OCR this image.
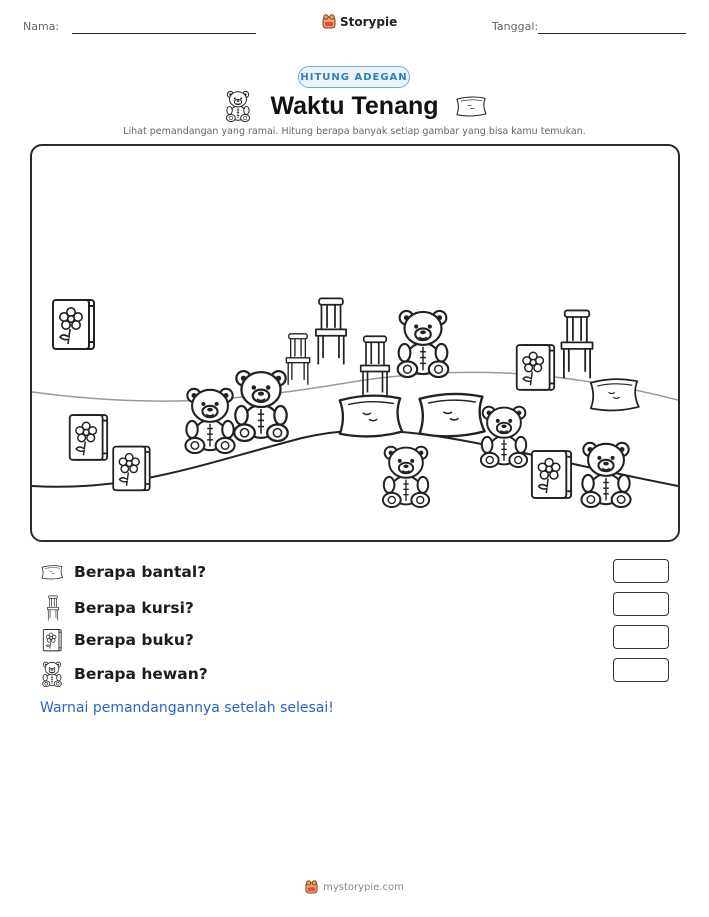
Nama:	Storypie	Tanggal:
HITUNG ADEGAN
Waktu Tenang
Lihat pemandangan yang ramai. Hitung berapa banyak setiap gambar yang bisa kamu temukan.
Berapa bantal?
Berapa kursi?
Berapa buku?
Berapa hewan?
Warnai pemandangannya setelah selesai!
mystorypie.com
